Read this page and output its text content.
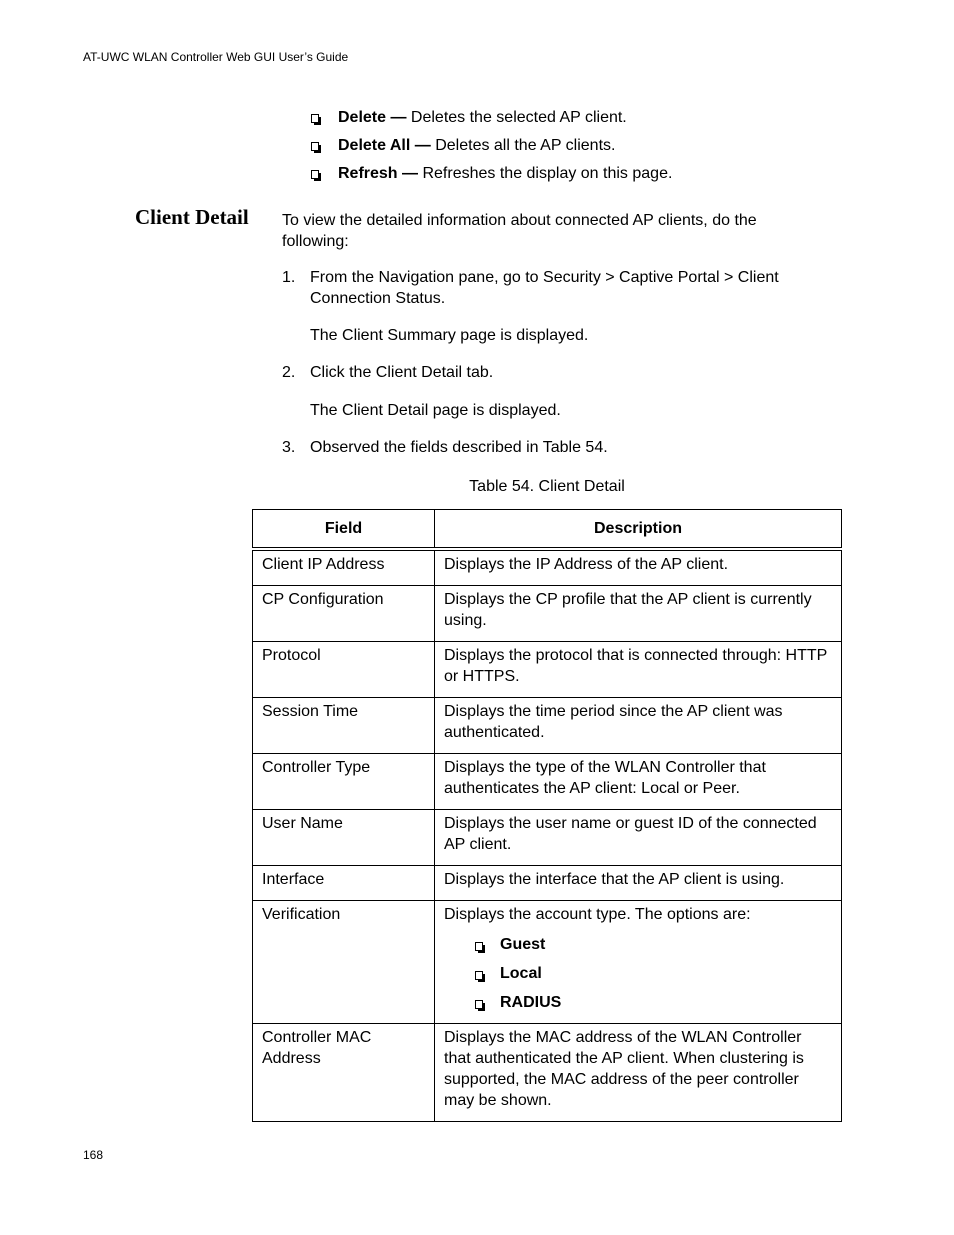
AT-UWC WLAN Controller Web GUI User’s Guide
Delete — Deletes the selected AP client.
Delete All — Deletes all the AP clients.
Refresh — Refreshes the display on this page.
Client Detail To view the detailed information about connected AP clients, do the following:
1. From the Navigation pane, go to Security > Captive Portal > Client Connection Status.
The Client Summary page is displayed.
2. Click the Client Detail tab.
The Client Detail page is displayed.
3. Observed the fields described in Table 54.
Table 54. Client Detail
Field	Description
Client IP Address	Displays the IP Address of the AP client.
CP Configuration	Displays the CP profile that the AP client is currently using.
Protocol	Displays the protocol that is connected through: HTTP or HTTPS.
Session Time	Displays the time period since the AP client was authenticated.
Controller Type	Displays the type of the WLAN Controller that authenticates the AP client: Local or Peer.
User Name	Displays the user name or guest ID of the connected AP client.
Interface	Displays the interface that the AP client is using.
Verification	Displays the account type. The options are:
Guest
Local
RADIUS

Controller MAC Address	Displays the MAC address of the WLAN Controller that authenticated the AP client. When clustering is supported, the MAC address of the peer controller may be shown.
168
